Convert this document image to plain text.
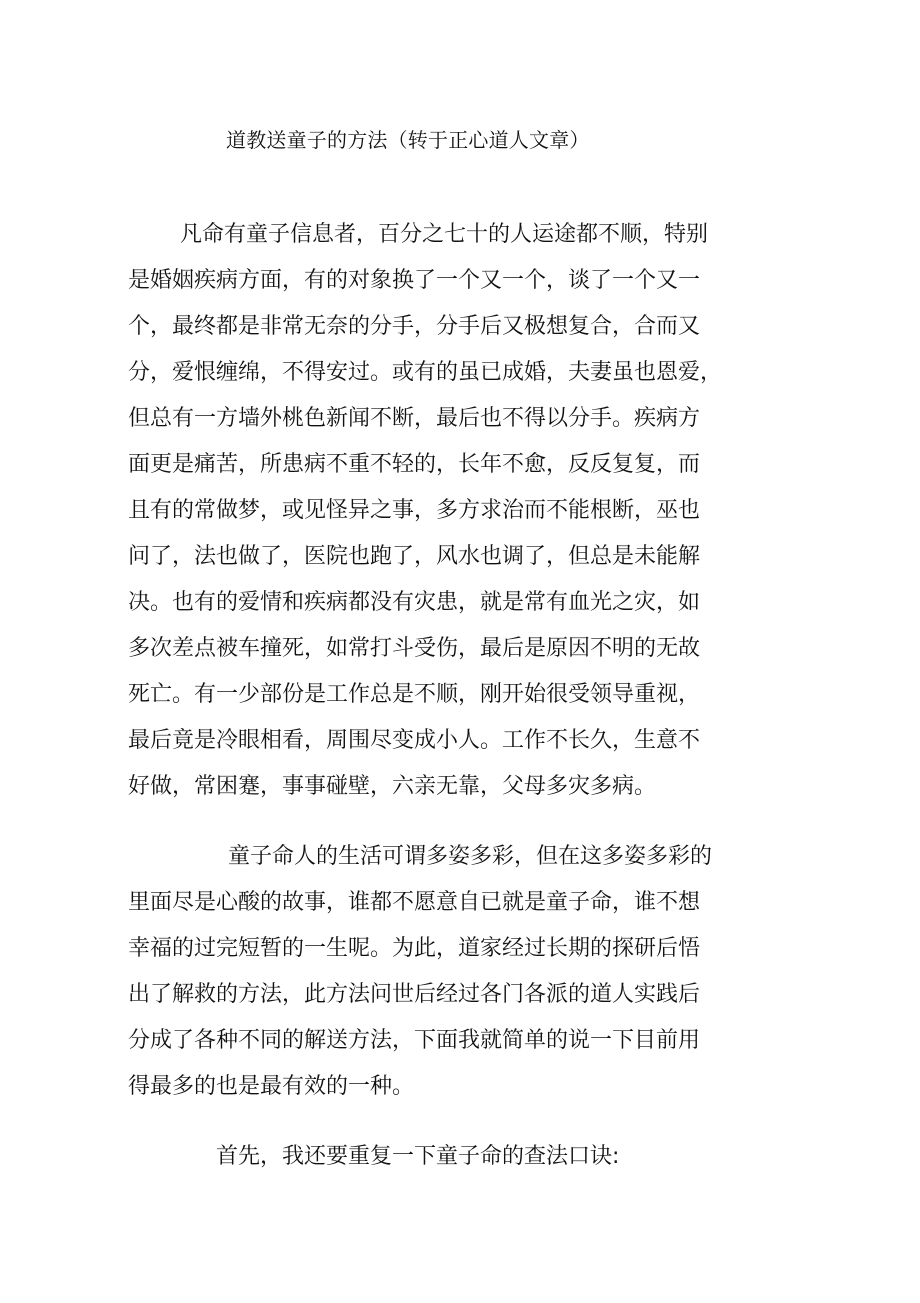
道教送童子的方法（转于正心道人文章）
凡命有童子信息者，百分之七十的人运途都不顺，特别
是婚姻疾病方面，有的对象换了一个又一个，谈了一个又一
个，最终都是非常无奈的分手，分手后又极想复合，合而又
分，爱恨缠绵，不得安过。或有的虽已成婚，夫妻虽也恩爱，
但总有一方墙外桃色新闻不断，最后也不得以分手。疾病方
面更是痛苦，所患病不重不轻的，长年不愈，反反复复，而
且有的常做梦，或见怪异之事，多方求治而不能根断，巫也
问了，法也做了，医院也跑了，风水也调了，但总是未能解
决。也有的爱情和疾病都没有灾患，就是常有血光之灾，如
多次差点被车撞死，如常打斗受伤，最后是原因不明的无故
死亡。有一少部份是工作总是不顺，刚开始很受领导重视，
最后竟是冷眼相看，周围尽变成小人。工作不长久，生意不
好做，常困蹇，事事碰壁，六亲无靠，父母多灾多病。
童子命人的生活可谓多姿多彩，但在这多姿多彩的
里面尽是心酸的故事，谁都不愿意自已就是童子命，谁不想
幸福的过完短暂的一生呢。为此，道家经过长期的探研后悟
出了解救的方法，此方法问世后经过各门各派的道人实践后
分成了各种不同的解送方法，下面我就简单的说一下目前用
得最多的也是最有效的一种。
首先，我还要重复一下童子命的查法口诀:
